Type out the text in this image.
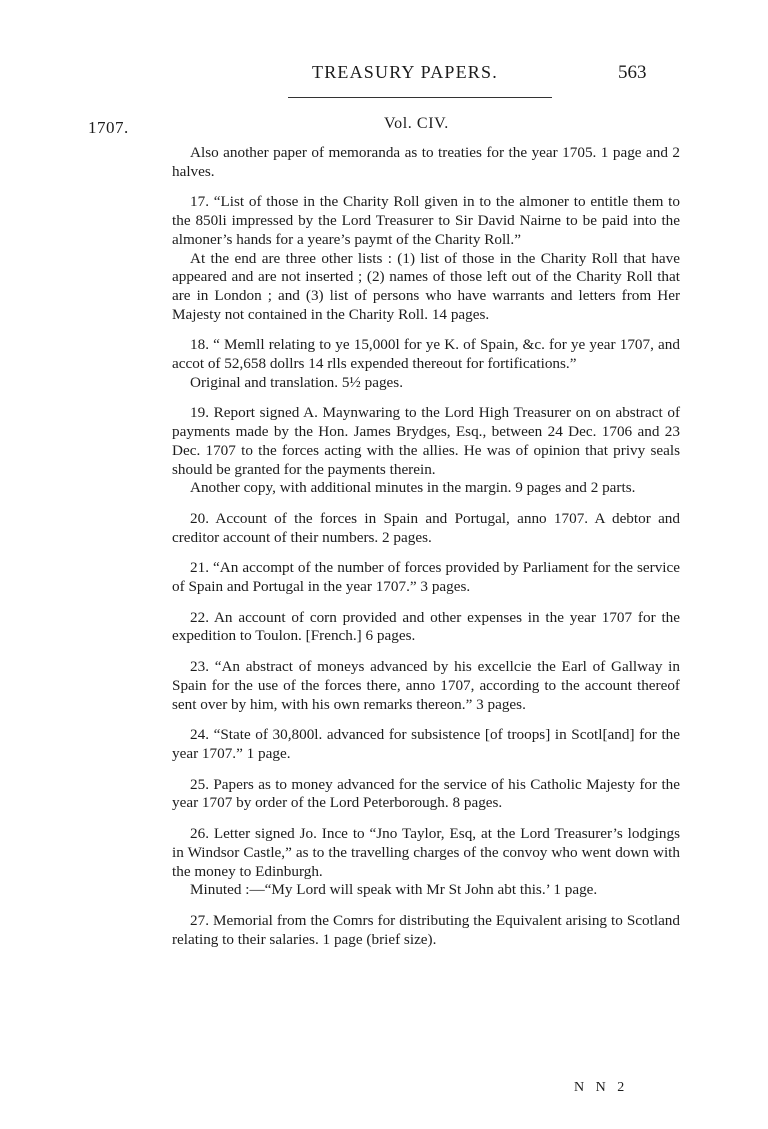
TREASURY PAPERS.	563
1707.	Vol. CIV.

Also another paper of memoranda as to treaties for the year 1705. 1 page and 2 halves.

17. “List of those in the Charity Roll given in to the almoner to entitle them to the 850li impressed by the Lord Treasurer to Sir David Nairne to be paid into the almoner’s hands for a yeare’s paymt of the Charity Roll.”

At the end are three other lists : (1) list of those in the Charity Roll that have appeared and are not inserted ; (2) names of those left out of the Charity Roll that are in London ; and (3) list of persons who have warrants and letters from Her Majesty not contained in the Charity Roll. 14 pages.

18. “ Memll relating to ye 15,000l for ye K. of Spain, &c. for ye year 1707, and accot of 52,658 dollrs 14 rlls expended thereout for fortifications.”

Original and translation. 5½ pages.

19. Report signed A. Maynwaring to the Lord High Treasurer on on abstract of payments made by the Hon. James Brydges, Esq., between 24 Dec. 1706 and 23 Dec. 1707 to the forces acting with the allies. He was of opinion that privy seals should be granted for the payments therein.

Another copy, with additional minutes in the margin. 9 pages and 2 parts.

20. Account of the forces in Spain and Portugal, anno 1707. A debtor and creditor account of their numbers. 2 pages.

21. “An accompt of the number of forces provided by Parliament for the service of Spain and Portugal in the year 1707.” 3 pages.

22. An account of corn provided and other expenses in the year 1707 for the expedition to Toulon. [French.] 6 pages.

23. “An abstract of moneys advanced by his excellcie the Earl of Gallway in Spain for the use of the forces there, anno 1707, according to the account thereof sent over by him, with his own remarks thereon.” 3 pages.

24. “State of 30,800l. advanced for subsistence [of troops] in Scotl[and] for the year 1707.” 1 page.

25. Papers as to money advanced for the service of his Catholic Majesty for the year 1707 by order of the Lord Peterborough. 8 pages.

26. Letter signed Jo. Ince to “Jno Taylor, Esq, at the Lord Treasurer’s lodgings in Windsor Castle,” as to the travelling charges of the convoy who went down with the money to Edinburgh.

Minuted :—“My Lord will speak with Mr St John abt this.’ 1 page.

27. Memorial from the Comrs for distributing the Equivalent arising to Scotland relating to their salaries. 1 page (brief size).

N N 2
